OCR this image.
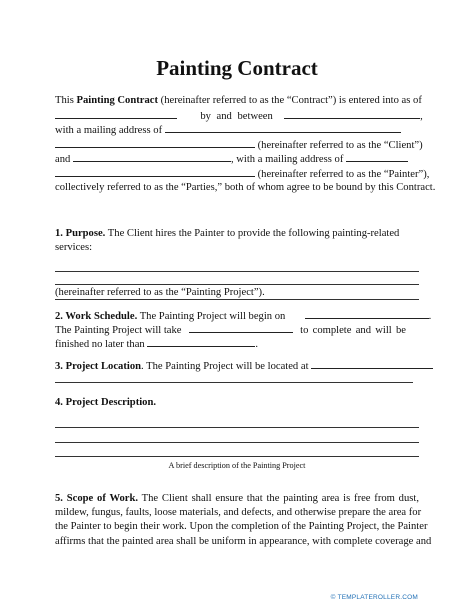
Painting Contract
This Painting Contract (hereinafter referred to as the “Contract”) is entered into as of
by and between	,
with a mailing address of
(hereinafter referred to as the “Client”)
and	, with a mailing address of
(hereinafter referred to as the “Painter”),
collectively referred to as the “Parties,” both of whom agree to be bound by this Contract.
1. Purpose. The Client hires the Painter to provide the following painting-related
services:
(hereinafter referred to as the “Painting Project”).
2. Work Schedule. The Painting Project will begin on	.
The Painting Project will take	to complete and will be
finished no later than	.
3. Project Location. The Painting Project will be located at
4. Project Description.
A brief description of the Painting Project
5. Scope of Work. The Client shall ensure that the painting area is free from dust,
mildew, fungus, faults, loose materials, and defects, and otherwise prepare the area for
the Painter to begin their work. Upon the completion of the Painting Project, the Painter
affirms that the painted area shall be uniform in appearance, with complete coverage and
© TEMPLATEROLLER.COM
